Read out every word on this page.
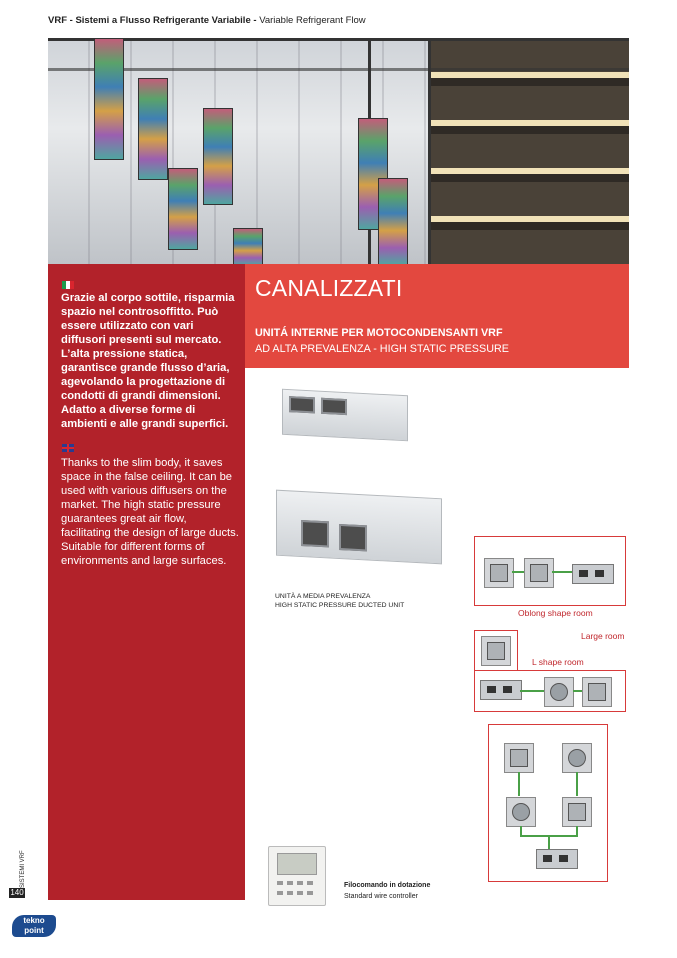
VRF - Sistemi a Flusso Refrigerante Variabile - Variable Refrigerant Flow
Grazie al corpo sottile, risparmia spazio nel controsoffitto. Può essere utilizzato con vari diffusori presenti sul mercato. L’alta pressione statica, garantisce grande flusso d’aria, agevolando la progettazione di condotti di grandi dimensioni. Adatto a diverse forme di ambienti e alle grandi superfici.
Thanks to the slim body, it saves space in the false ceiling. It can be used with various diffusers on the market. The high static pressure guarantees great air flow, facilitating the design of large ducts. Suitable for different forms of environments and large surfaces.
CANALIZZATI
UNITÁ INTERNE PER MOTOCONDENSANTI VRF
AD ALTA PREVALENZA - HIGH STATIC PRESSURE
UNITÀ A MEDIA PREVALENZA
HIGH STATIC PRESSURE DUCTED UNIT
Oblong shape room
Large room
L shape room
Filocomando in dotazione
Standard wire controller
SISTEMI VRF
140
tekno
point
